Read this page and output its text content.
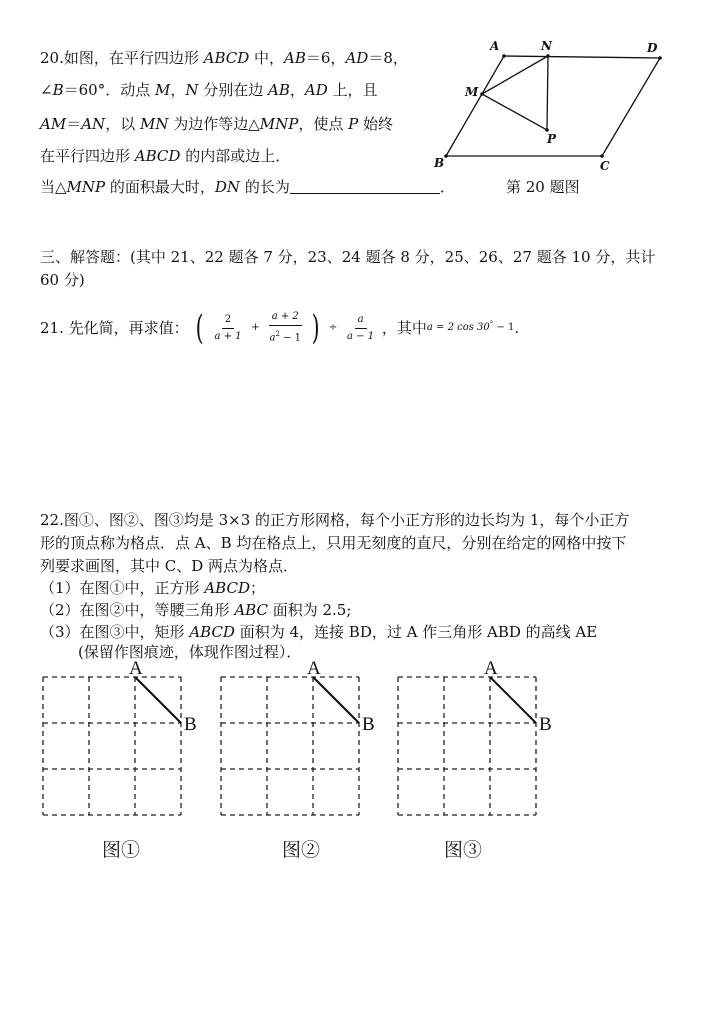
20.如图，在平行四边形 ABCD 中，AB＝6，AD＝8，
∠B＝60°．动点 M，N 分别在边 AB，AD 上，且
AM＝AN，以 MN 为边作等边△MNP，使点 P 始终
在平行四边形 ABCD 的内部或边上．
当△MNP 的面积最大时，DN 的长为	．	第 20 题图
A	N	D
M
P
B	C
三、解答题：(其中 21、22 题各 7 分，23、24 题各 8 分，25、26、27 题各 10 分，共计
60 分)
21. 先化简，再求值： ( $\frac{2}{a + 1} + \frac{a + 2}{a^2 - 1}$ ) ÷ $\frac{a}{a - 1}$ ，其中a = 2 cos 30° − 1.
22.图①、图②、图③均是 3×3 的正方形网格，每个小正方形的边长均为 1，每个小正方
形的顶点称为格点．点 A、B 均在格点上，只用无刻度的直尺，分别在给定的网格中按下
列要求画图，其中 C、D 两点为格点．
（1）在图①中，正方形 ABCD；
（2）在图②中，等腰三角形 ABC 面积为 2.5;
（3）在图③中，矩形 ABCD 面积为 4，连接 BD，过 A 作三角形 ABD 的高线 AE
(保留作图痕迹，体现作图过程）．
A
B
图①
A
B
图②
A
B
图③
